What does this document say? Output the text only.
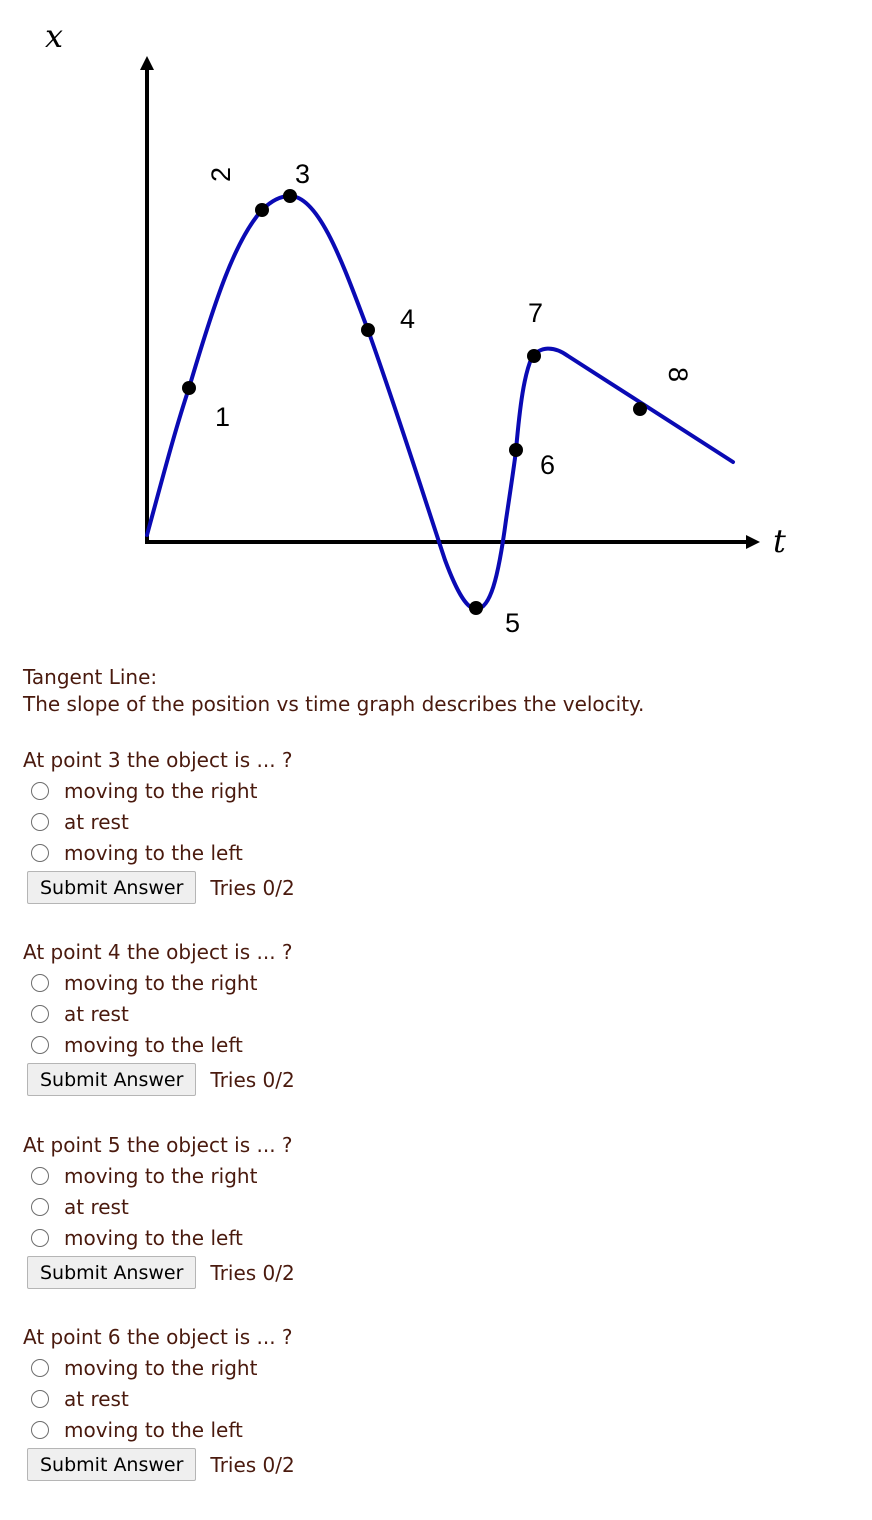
x
t
1
2 3
4
5
6
7
8
Tangent Line:
The slope of the position vs time graph describes the velocity.
At point 3 the object is ... ?
moving to the right
at rest
moving to the left
Submit Answer	Tries 0/2
At point 4 the object is ... ?
moving to the right
at rest
moving to the left
Submit Answer	Tries 0/2
At point 5 the object is ... ?
moving to the right
at rest
moving to the left
Submit Answer	Tries 0/2
At point 6 the object is ... ?
moving to the right
at rest
moving to the left
Submit Answer	Tries 0/2
